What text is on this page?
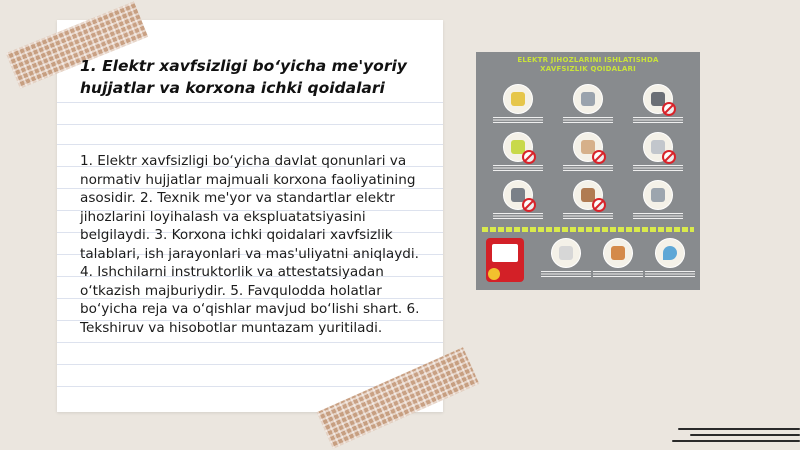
1. Elektr xavfsizligi bo‘yicha me'yoriy hujjatlar va korxona ichki qoidalari
1. Elektr xavfsizligi bo‘yicha davlat qonunlari va normativ hujjatlar majmuali korxona faoliyatining asosidir. 2. Texnik me'yor va standartlar elektr jihozlarini loyihalash va ekspluatatsiyasini belgilaydi. 3. Korxona ichki qoidalari xavfsizlik talablari, ish jarayonlari va mas'uliyatni aniqlaydi. 4. Ishchilarni instruktorlik va attestatsiyadan o‘tkazish majburiydir. 5. Favqulodda holatlar bo‘yicha reja va o‘qishlar mavjud bo‘lishi shart. 6. Tekshiruv va hisobotlar muntazam yuritiladi.
ELEKTR JIHOZLARINI ISHLATISHDA
XAVFSIZLIK QOIDALARI
